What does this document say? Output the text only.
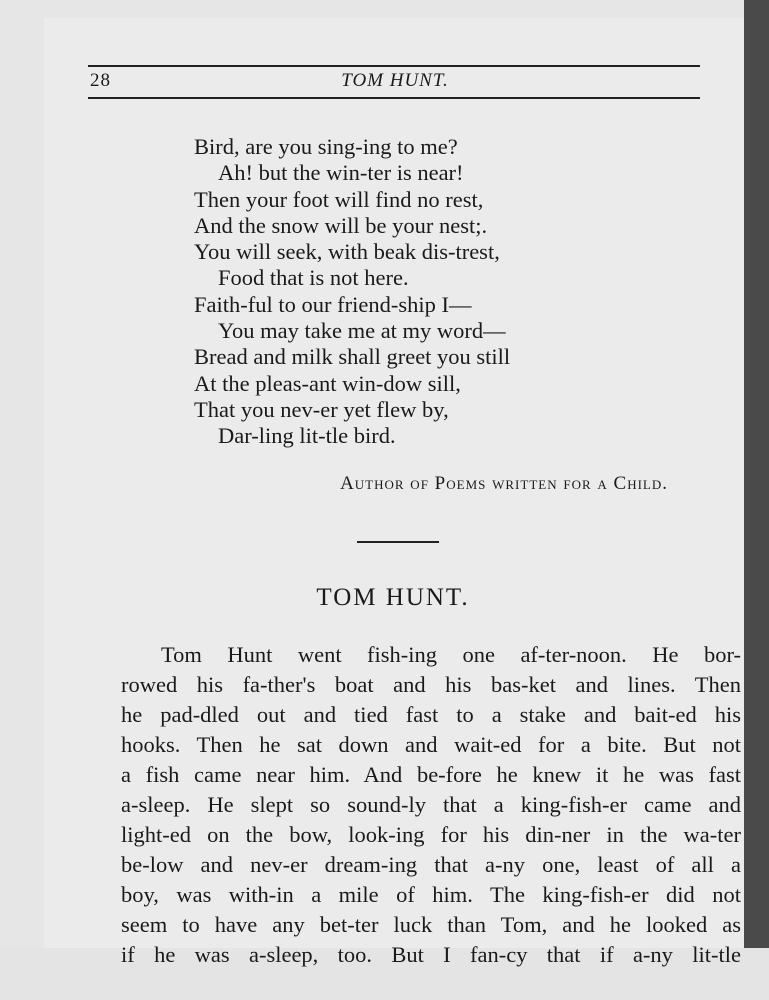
28	TOM HUNT.
Bird, are you sing-ing to me?
Ah! but the win-ter is near!
Then your foot will find no rest,
And the snow will be your nest;.
You will seek, with beak dis-trest,
Food that is not here.
Faith-ful to our friend-ship I—
You may take me at my word—
Bread and milk shall greet you still
At the pleas-ant win-dow sill,
That you nev-er yet flew by,
Dar-ling lit-tle bird.
Author of Poems written for a Child.
TOM HUNT.
Tom Hunt went fish-ing one af-ter-noon. He bor-
rowed his fa-ther's boat and his bas-ket and lines. Then
he pad-dled out and tied fast to a stake and bait-ed his
hooks. Then he sat down and wait-ed for a bite. But not
a fish came near him. And be-fore he knew it he was fast
a-sleep. He slept so sound-ly that a king-fish-er came and
light-ed on the bow, look-ing for his din-ner in the wa-ter
be-low and nev-er dream-ing that a-ny one, least of all a
boy, was with-in a mile of him. The king-fish-er did not
seem to have any bet-ter luck than Tom, and he looked as
if he was a-sleep, too. But I fan-cy that if a-ny lit-tle
